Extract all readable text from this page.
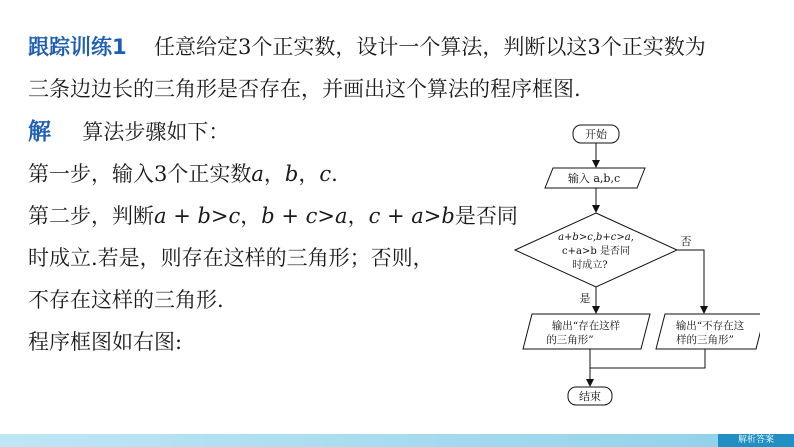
跟踪训练1 任意给定3个正实数，设计一个算法，判断以这3个正实数为
三条边边长的三角形是否存在，并画出这个算法的程序框图.
解 算法步骤如下：
第一步，输入3个正实数a，b，c.
第二步，判断a + b>c，b + c>a，c + a>b是否同
时成立.若是，则存在这样的三角形；否则，
不存在这样的三角形.
程序框图如右图:
开始
输入 a,b,c
a+b>c,b+c>a,
c+a>b 是否同
时成立?
否
是
输出“存在这样
的三角形”
输出“不存在这
样的三角形”
结束
解析答案
